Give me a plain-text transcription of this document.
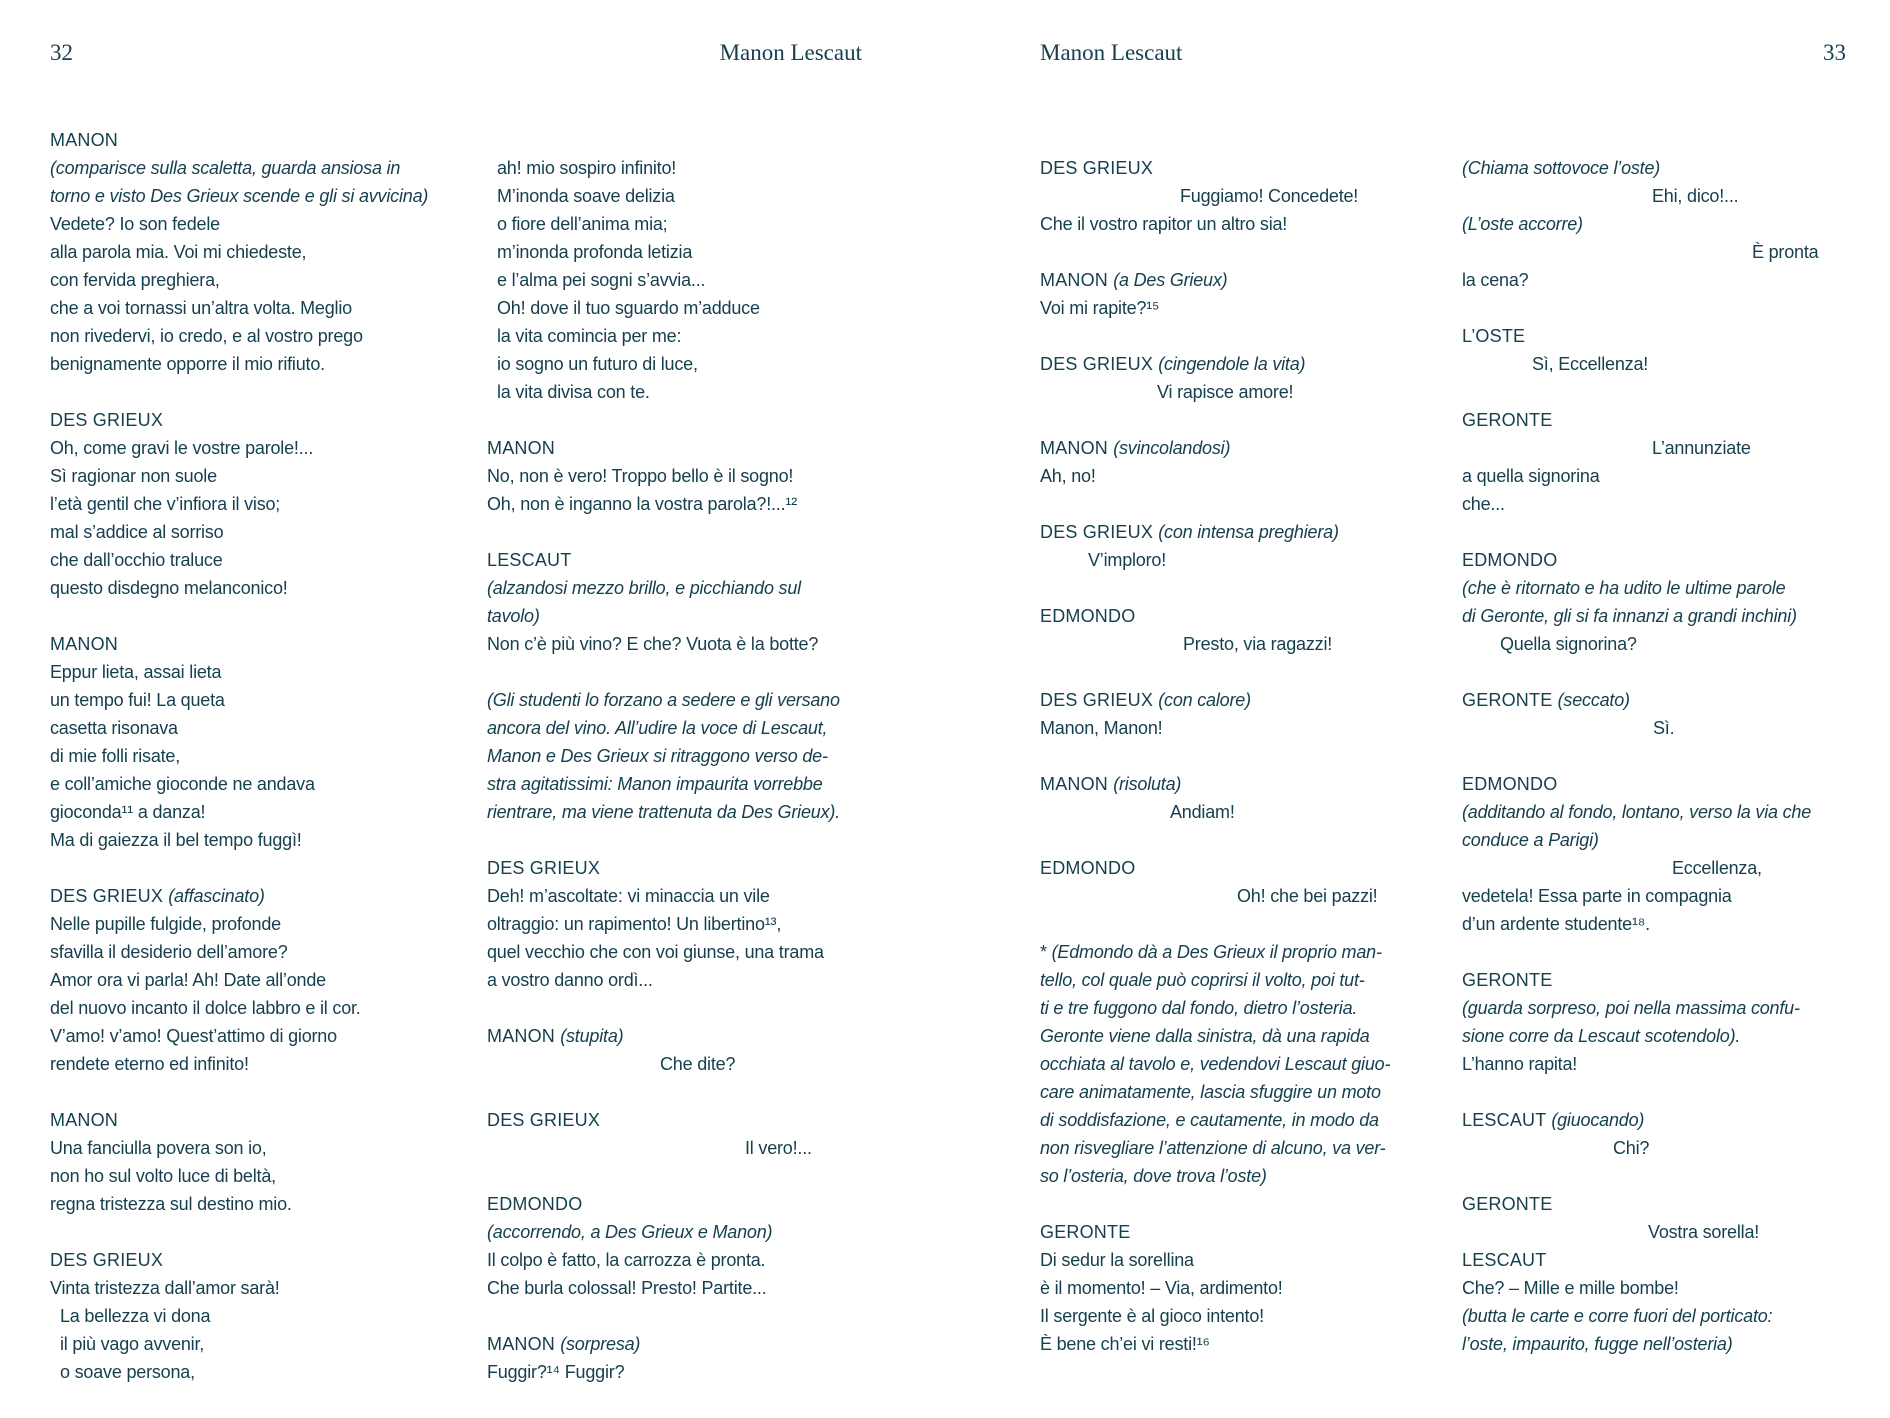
32	Manon Lescaut	Manon Lescaut	33
MANON
(comparisce sulla scaletta, guarda ansiosa in
torno e visto Des Grieux scende e gli si avvicina)
Vedete? Io son fedele
alla parola mia. Voi mi chiedeste,
con fervida preghiera,
che a voi tornassi un’altra volta. Meglio
non rivedervi, io credo, e al vostro prego
benignamente opporre il mio rifiuto.
DES GRIEUX
Oh, come gravi le vostre parole!...
Sì ragionar non suole
l’età gentil che v’infiora il viso;
mal s’addice al sorriso
che dall’occhio traluce
questo disdegno melanconico!
MANON
Eppur lieta, assai lieta
un tempo fui! La queta
casetta risonava
di mie folli risate,
e coll’amiche gioconde ne andava
gioconda¹¹ a danza!
Ma di gaiezza il bel tempo fuggì!
DES GRIEUX (affascinato)
Nelle pupille fulgide, profonde
sfavilla il desiderio dell’amore?
Amor ora vi parla! Ah! Date all’onde
del nuovo incanto il dolce labbro e il cor.
V’amo! v’amo! Quest’attimo di giorno
rendete eterno ed infinito!
MANON
Una fanciulla povera son io,
non ho sul volto luce di beltà,
regna tristezza sul destino mio.
DES GRIEUX
Vinta tristezza dall’amor sarà!
La bellezza vi dona
il più vago avvenir,
o soave persona,
ah! mio sospiro infinito!
M’inonda soave delizia
o fiore dell’anima mia;
m’inonda profonda letizia
e l’alma pei sogni s’avvia...
Oh! dove il tuo sguardo m’adduce
la vita comincia per me:
io sogno un futuro di luce,
la vita divisa con te.
MANON
No, non è vero! Troppo bello è il sogno!
Oh, non è inganno la vostra parola?!...¹²
LESCAUT
(alzandosi mezzo brillo, e picchiando sul
tavolo)
Non c’è più vino? E che? Vuota è la botte?
(Gli studenti lo forzano a sedere e gli versano
ancora del vino. All’udire la voce di Lescaut,
Manon e Des Grieux si ritraggono verso de-
stra agitatissimi: Manon impaurita vorrebbe
rientrare, ma viene trattenuta da Des Grieux).
DES GRIEUX
Deh! m’ascoltate: vi minaccia un vile
oltraggio: un rapimento! Un libertino¹³,
quel vecchio che con voi giunse, una trama
a vostro danno ordì...
MANON (stupita)
Che dite?
DES GRIEUX
Il vero!...
EDMONDO
(accorrendo, a Des Grieux e Manon)
Il colpo è fatto, la carrozza è pronta.
Che burla colossal! Presto! Partite...
MANON (sorpresa)
Fuggir?¹⁴ Fuggir?
DES GRIEUX
Fuggiamo! Concedete!
Che il vostro rapitor un altro sia!
MANON (a Des Grieux)
Voi mi rapite?¹⁵
DES GRIEUX (cingendole la vita)
Vi rapisce amore!
MANON (svincolandosi)
Ah, no!
DES GRIEUX (con intensa preghiera)
V’imploro!
EDMONDO
Presto, via ragazzi!
DES GRIEUX (con calore)
Manon, Manon!
MANON (risoluta)
Andiam!
EDMONDO
Oh! che bei pazzi!
* (Edmondo dà a Des Grieux il proprio man-
tello, col quale può coprirsi il volto, poi tut-
ti e tre fuggono dal fondo, dietro l’osteria.
Geronte viene dalla sinistra, dà una rapida
occhiata al tavolo e, vedendovi Lescaut giuo-
care animatamente, lascia sfuggire un moto
di soddisfazione, e cautamente, in modo da
non risvegliare l’attenzione di alcuno, va ver-
so l’osteria, dove trova l’oste)
GERONTE
Di sedur la sorellina
è il momento! – Via, ardimento!
Il sergente è al gioco intento!
È bene ch’ei vi resti!¹⁶
(Chiama sottovoce l’oste)
Ehi, dico!...
(L’oste accorre)
È pronta
la cena?
L’OSTE
Sì, Eccellenza!
GERONTE
L’annunziate
a quella signorina
che...
EDMONDO
(che è ritornato e ha udito le ultime parole
di Geronte, gli si fa innanzi a grandi inchini)
Quella signorina?
GERONTE (seccato)
Sì.
EDMONDO
(additando al fondo, lontano, verso la via che
conduce a Parigi)
Eccellenza,
vedetela! Essa parte in compagnia
d’un ardente studente¹⁸.
GERONTE
(guarda sorpreso, poi nella massima confu-
sione corre da Lescaut scotendolo).
L’hanno rapita!
LESCAUT (giuocando)
Chi?
GERONTE
Vostra sorella!
LESCAUT
Che? – Mille e mille bombe!
(butta le carte e corre fuori del porticato:
l’oste, impaurito, fugge nell’osteria)
